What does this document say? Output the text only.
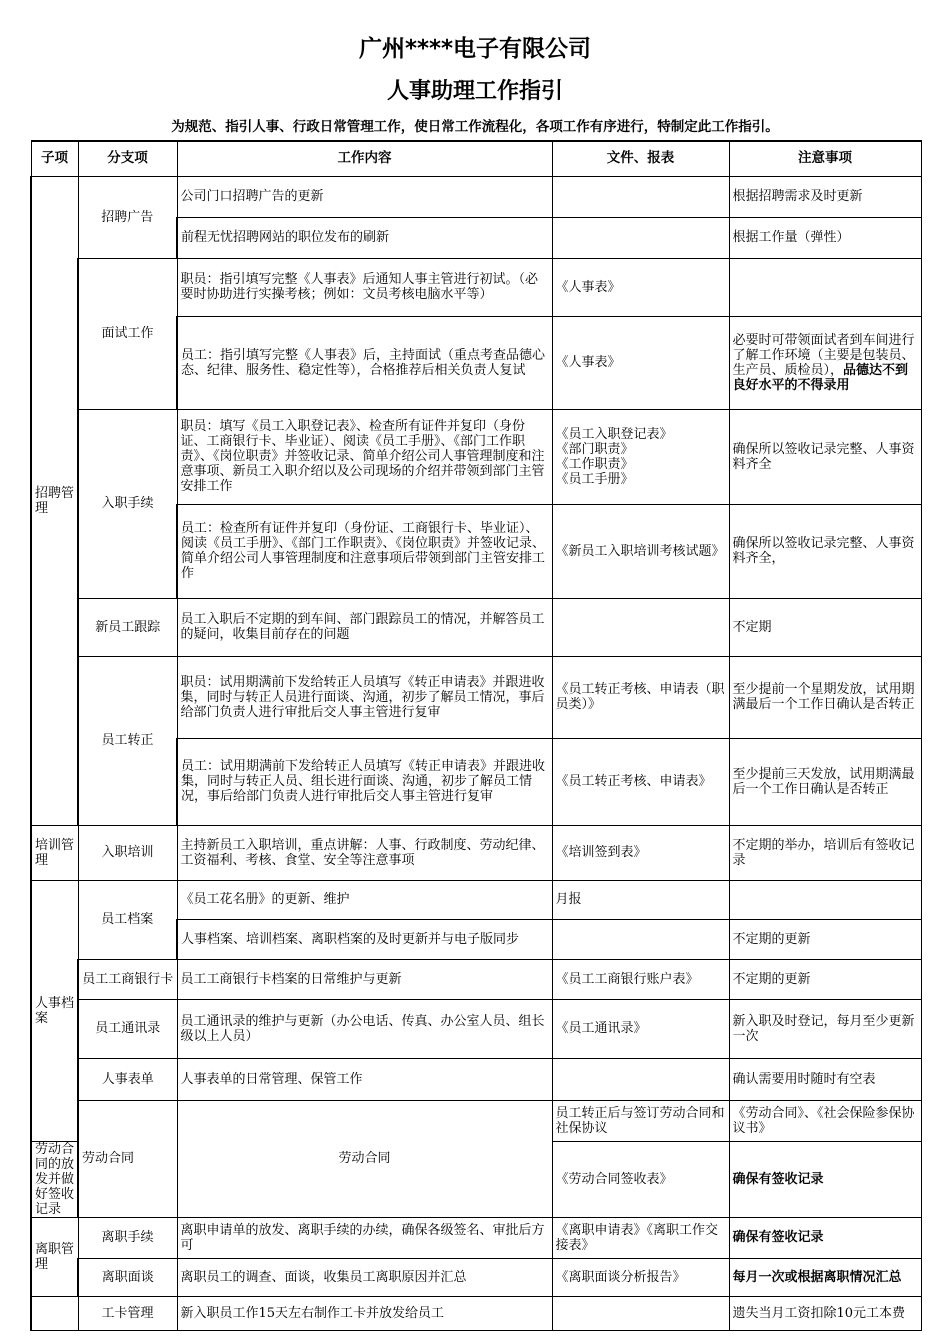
广州****电子有限公司
人事助理工作指引
为规范、指引人事、行政日常管理工作，使日常工作流程化，各项工作有序进行，特制定此工作指引。
子项	分支项	工作内容	文件、报表	注意事项	
招聘管理	招聘广告	公司门口招聘广告的更新		根据招聘需求及时更新	
		前程无忧招聘网站的职位发布的刷新		根据工作量（弹性）	
	面试工作	职员：指引填写完整《人事表》后通知人事主管进行初试。（必要时协助进行实操考核；例如：文员考核电脑水平等）	《人事表》		
		员工：指引填写完整《人事表》后，主持面试（重点考查品德心态、纪律、服务性、稳定性等），合格推荐后相关负责人复试	《人事表》	必要时可带领面试者到车间进行了解工作环境（主要是包装员、生产员、质检员），品德达不到良好水平的不得录用	
	入职手续	职员：填写《员工入职登记表》、检查所有证件并复印（身份证、工商银行卡、毕业证）、阅读《员工手册》、《部门工作职责》、《岗位职责》并签收记录、简单介绍公司人事管理制度和注意事项、新员工入职介绍以及公司现场的介绍并带领到部门主管安排工作	《员工入职登记表》
《部门职责》
《工作职责》
《员工手册》	确保所以签收记录完整、人事资料齐全	
		员工：检查所有证件并复印（身份证、工商银行卡、毕业证）、阅读《员工手册》、《部门工作职责》、《岗位职责》并签收记录、简单介绍公司人事管理制度和注意事项后带领到部门主管安排工作	《新员工入职培训考核试题》	确保所以签收记录完整、人事资料齐全，	
	新员工跟踪	员工入职后不定期的到车间、部门跟踪员工的情况，并解答员工的疑问，收集目前存在的问题		不定期	
	员工转正	职员：试用期满前下发给转正人员填写《转正申请表》并跟进收集，同时与转正人员进行面谈、沟通，初步了解员工情况，事后给部门负责人进行审批后交人事主管进行复审	《员工转正考核、申请表（职员类）》	至少提前一个星期发放，试用期满最后一个工作日确认是否转正	
		员工：试用期满前下发给转正人员填写《转正申请表》并跟进收集，同时与转正人员、组长进行面谈、沟通，初步了解员工情况，事后给部门负责人进行审批后交人事主管进行复审	《员工转正考核、申请表》	至少提前三天发放，试用期满最后一个工作日确认是否转正	
培训管理	入职培训	主持新员工入职培训，重点讲解：人事、行政制度、劳动纪律、工资福利、考核、食堂、安全等注意事项	《培训签到表》	不定期的举办，培训后有签收记录	
人事档案	员工档案	《员工花名册》的更新、维护	月报		
		人事档案、培训档案、离职档案的及时更新并与电子版同步		不定期的更新	
	员工工商银行卡	员工工商银行卡档案的日常维护与更新	《员工工商银行账户表》	不定期的更新	
	员工通讯录	员工通讯录的维护与更新（办公电话、传真、办公室人员、组长级以上人员）	《员工通讯录》	新入职及时登记，每月至少更新一次	
	人事表单	人事表单的日常管理、保管工作		确认需要用时随时有空表	
	劳动合同	劳动合同	员工转正后与签订劳动合同和社保协议	《劳动合同》、《社会保险参保协议书》	
劳动合同的放发并做好签收记录			《劳动合同签收表》	确保有签收记录	
离职管理	离职手续	离职申请单的放发、离职手续的办续，确保各级签名、审批后方可	《离职申请表》《离职工作交接表》	确保有签收记录	
	离职面谈	离职员工的调查、面谈，收集员工离职原因并汇总	《离职面谈分析报告》	每月一次或根据离职情况汇总	
	工卡管理	新入职员工作15天左右制作工卡并放发给员工		遗失当月工资扣除10元工本费	
